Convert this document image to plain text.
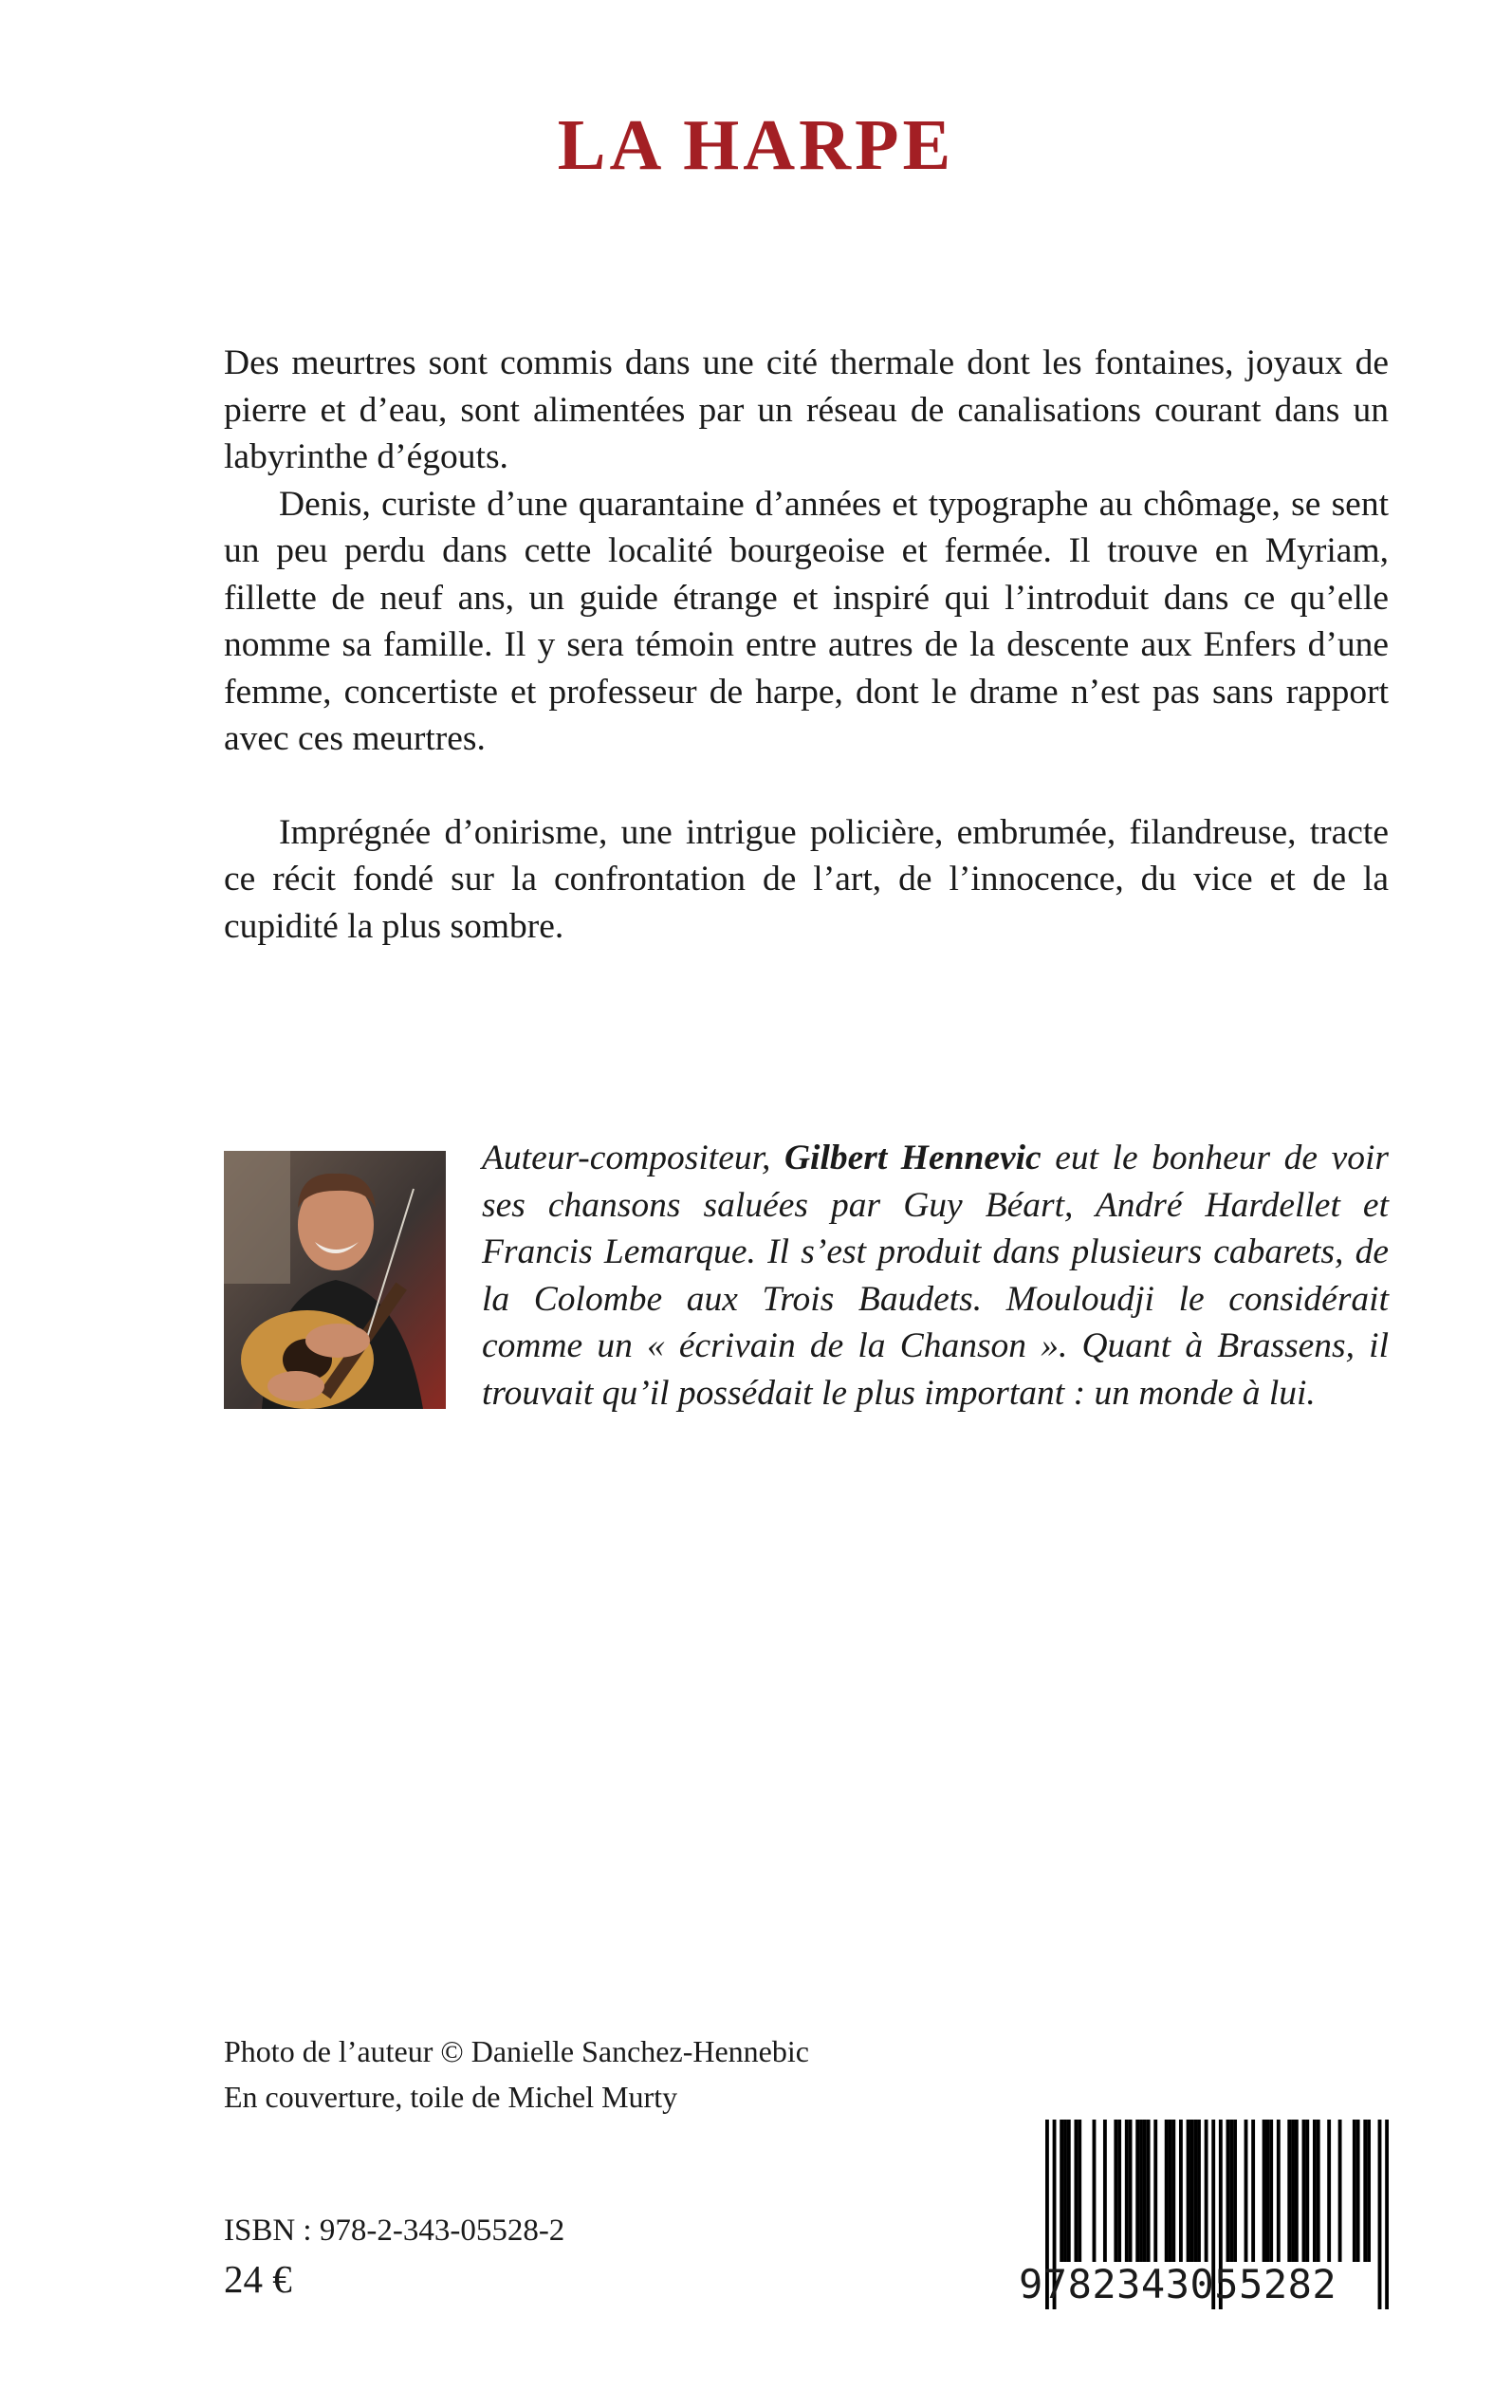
LA HARPE

Des meurtres sont commis dans une cité thermale dont les fontaines, joyaux de pierre et d’eau, sont alimentées par un réseau de canalisations courant dans un labyrinthe d’égouts.

Denis, curiste d’une quarantaine d’années et typographe au chômage, se sent un peu perdu dans cette localité bourgeoise et fermée. Il trouve en Myriam, fillette de neuf ans, un guide étrange et inspiré qui l’introduit dans ce qu’elle nomme sa famille. Il y sera témoin entre autres de la descente aux Enfers d’une femme, concertiste et professeur de harpe, dont le drame n’est pas sans rapport avec ces meurtres.

Imprégnée d’onirisme, une intrigue policière, embrumée, filandreuse, tracte ce récit fondé sur la confrontation de l’art, de l’innocence, du vice et de la cupidité la plus sombre.

Auteur-compositeur, Gilbert Hennevic eut le bonheur de voir ses chansons saluées par Guy Béart, André Hardellet et Francis Lemarque. Il s’est produit dans plusieurs cabarets, de la Colombe aux Trois Baudets. Mouloudji le considérait comme un « écrivain de la Chanson ». Quant à Brassens, il trouvait qu’il possédait le plus important : un monde à lui.

Photo de l’auteur © Danielle Sanchez-Hennebic
En couverture, toile de Michel Murty
ISBN : 978-2-343-05528-2
24 €	9782343055282
